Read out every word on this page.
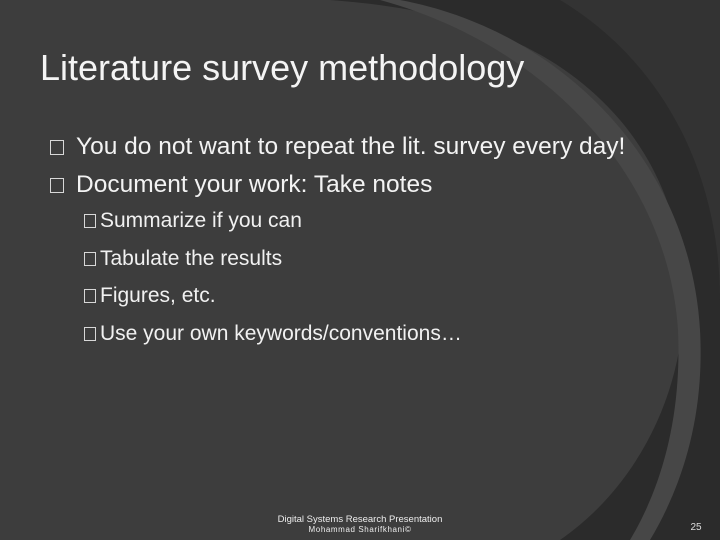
Literature survey methodology
You do not want to repeat the lit. survey every day!
Document your work: Take notes
Summarize if you can
Tabulate the results
Figures, etc.
Use your own keywords/conventions…
Digital Systems Research Presentation
Mohammad Sharifkhani©	25
